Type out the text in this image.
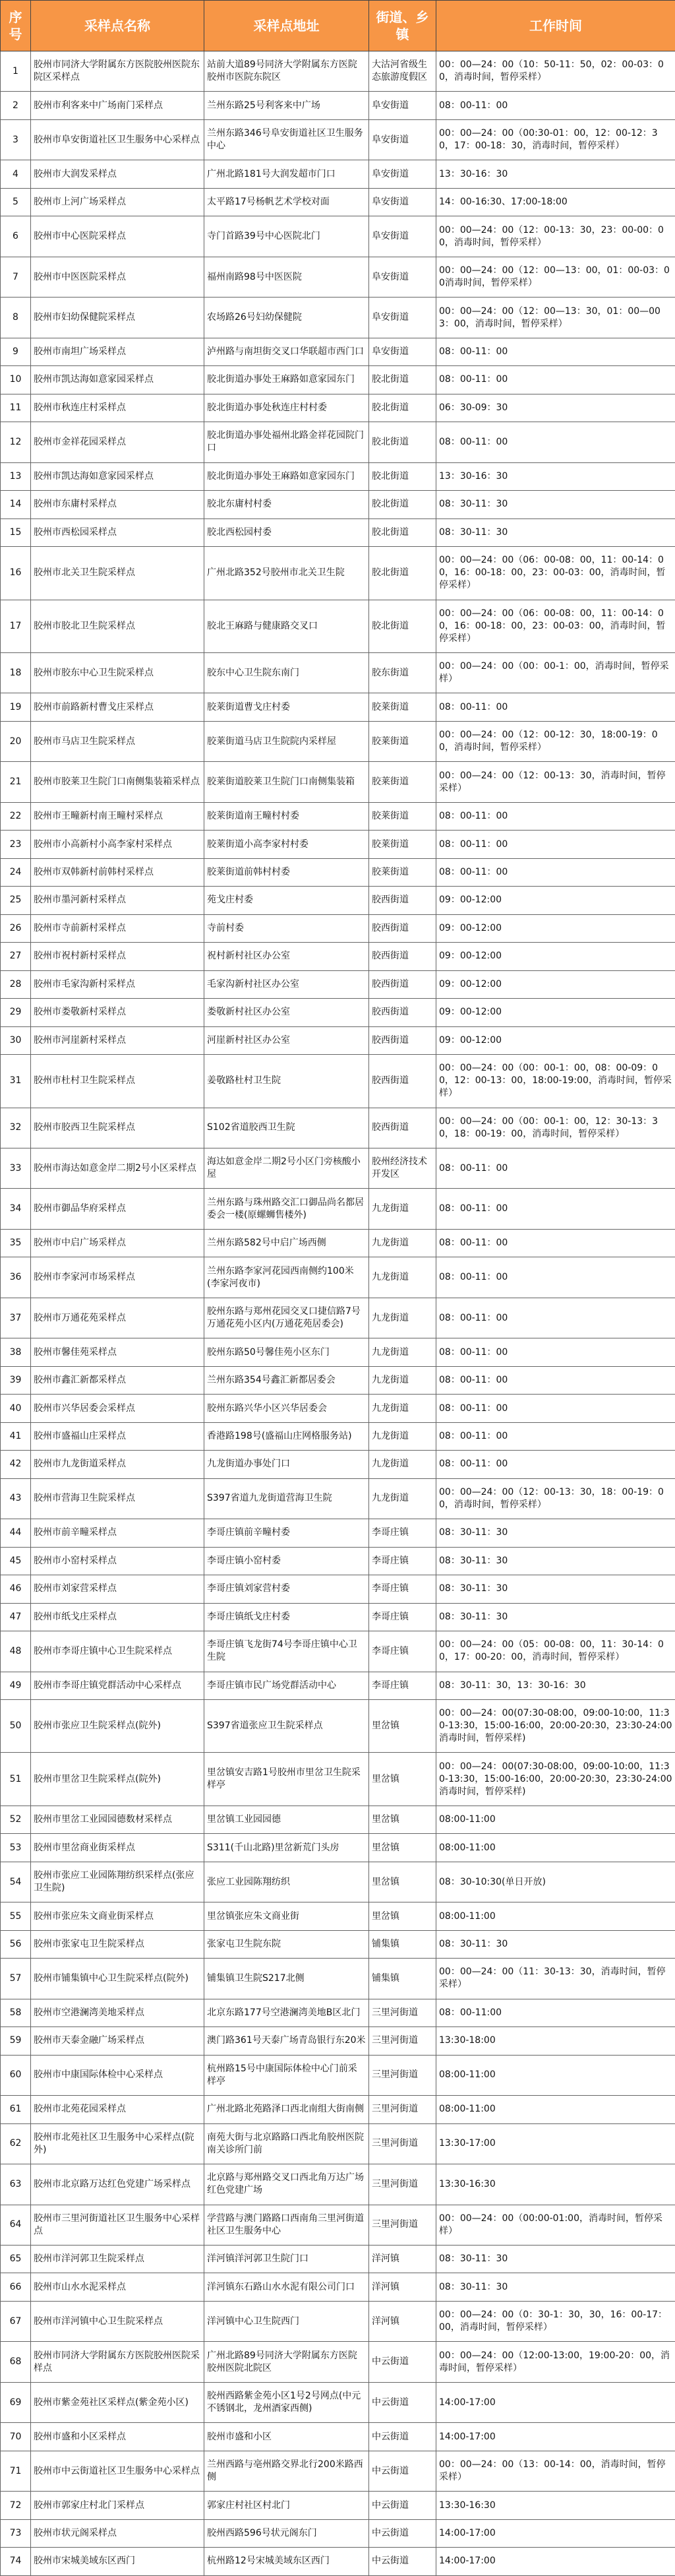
序号	采样点名称	采样点地址	街道、乡镇	工作时间
1	胶州市同济大学附属东方医院胶州医院东院区采样点	站前大道89号同济大学附属东方医院胶州市医院东院区	大沽河省级生态旅游度假区	00：00—24：00（10：50-11：50，02：00-03：00，消毒时间，暂停采样）
2	胶州市利客来中广场南门采样点	兰州东路25号利客来中广场	阜安街道	08：00-11：00
3	胶州市阜安街道社区卫生服务中心采样点	兰州东路346号阜安街道社区卫生服务中心	阜安街道	00：00—24：00（00:30-01：00，12：00-12：30，17：00-18：30，消毒时间，暂停采样）
4	胶州市大润发采样点	广州北路181号大润发超市门口	阜安街道	13：30-16：30
5	胶州市上河广场采样点	太平路17号杨帆艺术学校对面	阜安街道	14：00-16:30、17:00-18:00
6	胶州市中心医院采样点	寺门首路39号中心医院北门	阜安街道	00：00—24：00（12：00-13：30，23：00-00：00，消毒时间，暂停采样）
7	胶州市中医医院采样点	福州南路98号中医医院	阜安街道	00：00—24：00（12：00—13：00，01：00-03：00消毒时间，暂停采样）
8	胶州市妇幼保健院采样点	农场路26号妇幼保健院	阜安街道	00：00—24：00（12：00—13：30，01：00—003：00，消毒时间，暂停采样）
9	胶州市南坦广场采样点	泸州路与南坦街交叉口华联超市西门口	阜安街道	08：00-11：00
10	胶州市凯达海如意家园采样点	胶北街道办事处王麻路如意家园东门	胶北街道	08：00-11：00
11	胶州市秋连庄村采样点	胶北街道办事处秋连庄村村委	胶北街道	06：30-09：30
12	胶州市金祥花园采样点	胶北街道办事处福州北路金祥花园院门口	胶北街道	08：00-11：00
13	胶州市凯达海如意家园采样点	胶北街道办事处王麻路如意家园东门	胶北街道	13：30-16：30
14	胶州市东庸村采样点	胶北东庸村村委	胶北街道	08：30-11：30
15	胶州市西松园采样点	胶北西松园村委	胶北街道	08：30-11：30
16	胶州市北关卫生院采样点	广州北路352号胶州市北关卫生院	胶北街道	00：00—24：00（06：00-08：00，11：00-14：00，16：00-18：00，23：00-03：00，消毒时间，暂停采样）
17	胶州市胶北卫生院采样点	胶北王麻路与健康路交叉口	胶北街道	00：00—24：00（06：00-08：00，11：00-14：00，16：00-18：00，23：00-03：00，消毒时间，暂停采样）
18	胶州市胶东中心卫生院采样点	胶东中心卫生院东南门	胶东街道	00：00—24：00（00：00-1：00，消毒时间，暂停采样）
19	胶州市前路新村曹戈庄采样点	胶莱街道曹戈庄村委	胶莱街道	08：00-11：00
20	胶州市马店卫生院采样点	胶莱街道马店卫生院院内采样屋	胶莱街道	00：00—24：00（12：00-12：30，18:00-19：00，消毒时间，暂停采样）
21	胶州市胶莱卫生院门口南侧集装箱采样点	胶莱街道胶莱卫生院门口南侧集装箱	胶莱街道	00：00—24：00（12：00-13：30，消毒时间，暂停采样）
22	胶州市王疃新村南王疃村采样点	胶莱街道南王疃村村委	胶莱街道	08：00-11：00
23	胶州市小高新村小高李家村采样点	胶莱街道小高李家村村委	胶莱街道	08：00-11：00
24	胶州市双韩新村前韩村采样点	胶莱街道前韩村村委	胶莱街道	08：00-11：00
25	胶州市墨河新村采样点	苑戈庄村委	胶西街道	09：00-12:00
26	胶州市寺前新村采样点	寺前村委	胶西街道	09：00-12:00
27	胶州市祝村新村采样点	祝村新村社区办公室	胶西街道	09：00-12:00
28	胶州市毛家沟新村采样点	毛家沟新村社区办公室	胶西街道	09：00-12:00
29	胶州市娄敬新村采样点	娄敬新村社区办公室	胶西街道	09：00-12:00
30	胶州市河崖新村采样点	河崖新村社区办公室	胶西街道	09：00-12:00
31	胶州市杜村卫生院采样点	姜敬路杜村卫生院	胶西街道	00：00—24：00（00：00-1：00，08：00-09：00，12：00-13：00，18:00-19:00，消毒时间，暂停采样）
32	胶州市胶西卫生院采样点	S102省道胶西卫生院	胶西街道	00：00—24：00（00：00-1：00，12：30-13：30，18：00-19：00，消毒时间，暂停采样）
33	胶州市海达如意金岸二期2号小区采样点	海达如意金岸二期2号小区门旁核酸小屋	胶州经济技术开发区	08：00-11：00
34	胶州市御品华府采样点	兰州东路与珠州路交汇口御品尚名都居委会一楼(原螺蛳售楼外)	九龙街道	08：00-11：00
35	胶州市中启广场采样点	兰州东路582号中启广场西侧	九龙街道	08：00-11：00
36	胶州市李家河市场采样点	兰州东路李家河花园西南侧约100米(李家河夜市)	九龙街道	08：00-11：00
37	胶州市万通花苑采样点	胶州东路与郑州花园交叉口捷信路7号万通花苑小区内(万通花苑居委会)	九龙街道	08：00-11：00
38	胶州市馨佳苑采样点	胶州东路50号馨佳苑小区东门	九龙街道	08：00-11：00
39	胶州市鑫汇新都采样点	兰州东路354号鑫汇新都居委会	九龙街道	08：00-11：00
40	胶州市兴华居委会采样点	胶州东路兴华小区兴华居委会	九龙街道	08：00-11：00
41	胶州市盛福山庄采样点	香港路198号(盛福山庄网格服务站)	九龙街道	08：00-11：00
42	胶州市九龙街道采样点	九龙街道办事处门口	九龙街道	08：00-11：00
43	胶州市营海卫生院采样点	S397省道九龙街道营海卫生院	九龙街道	00：00—24：00（12：00-13：30，18：00-19：00，消毒时间，暂停采样）
44	胶州市前辛疃采样点	李哥庄镇前辛疃村委	李哥庄镇	08：30-11：30
45	胶州市小窑村采样点	李哥庄镇小窑村委	李哥庄镇	08：30-11：30
46	胶州市刘家营采样点	李哥庄镇刘家营村委	李哥庄镇	08：30-11：30
47	胶州市纸戈庄采样点	李哥庄镇纸戈庄村委	李哥庄镇	08：30-11：30
48	胶州市李哥庄镇中心卫生院采样点	李哥庄镇飞龙街74号李哥庄镇中心卫生院	李哥庄镇	00：00—24：00（05：00-08：00，11：30-14：00，17：00-20：00，消毒时间，暂停采样）
49	胶州市李哥庄镇党群活动中心采样点	李哥庄镇市民广场党群活动中心	李哥庄镇	08：30-11：30，13：30-16：30
50	胶州市张应卫生院采样点(院外)	S397省道张应卫生院采样点	里岔镇	00：00—24：00(07:30-08:00，09:00-10:00，11:30-13:30，15:00-16:00，20:00-20:30，23:30-24:00消毒时间，暂停采样)
51	胶州市里岔卫生院采样点(院外)	里岔镇安吉路1号胶州市里岔卫生院采样亭	里岔镇	00：00—24：00(07:30-08:00，09:00-10:00，11:30-13:30，15:00-16:00，20:00-20:30，23:30-24:00消毒时间，暂停采样)
52	胶州市里岔工业园园德数材采样点	里岔镇工业园园德	里岔镇	08:00-11:00
53	胶州市里岔商业街采样点	S311(千山北路)里岔新荒门头房	里岔镇	08:00-11:00
54	胶州市张应工业园陈翔纺织采样点(张应卫生院)	张应工业园陈翔纺织	里岔镇	08：30-10:30(单日开放)
55	胶州市张应朱文商业街采样点	里岔镇张应朱文商业街	里岔镇	08:00-11:00
56	胶州市张家屯卫生院采样点	张家屯卫生院东院	铺集镇	08：30-11：30
57	胶州市铺集镇中心卫生院采样点(院外)	铺集镇卫生院S217北侧	铺集镇	00：00—24：00（11：30-13：30，消毒时间，暂停采样）
58	胶州市空港澜湾美地采样点	北京东路177号空港澜湾美地B区北门	三里河街道	08：00-11:00
59	胶州市天泰金融广场采样点	澳门路361号天泰广场青岛银行东20米	三里河街道	13:30-18:00
60	胶州市中康国际体检中心采样点	杭州路15号中康国际体检中心门前采样亭	三里河街道	08:00-11:00
61	胶州市北苑花园采样点	广州北路北苑路泽口西北南组大街南侧	三里河街道	08:00-11:00
62	胶州市北苑社区卫生服务中心采样点(院外)	南苑大街与北京路路口西北角胶州医院南关诊所门前	三里河街道	13:30-17:00
63	胶州市北京路万达红色党建广场采样点	北京路与郑州路交叉口西北角万达广场红色党建广场	三里河街道	13:30-16:30
64	胶州市三里河街道社区卫生服务中心采样点	学营路与澳门路路口西南角三里河街道社区卫生服务中心	三里河街道	00：00—24：00（00:00-01:00，消毒时间，暂停采样）
65	胶州市洋河郭卫生院采样点	洋河镇洋河郭卫生院门口	洋河镇	08：30-11：30
66	胶州市山水水泥采样点	洋河镇东石路山水水泥有限公司门口	洋河镇	08：30-11：30
67	胶州市洋河镇中心卫生院采样点	洋河镇中心卫生院西门	洋河镇	00：00—24：00（0：30-1：30，30，16：00-17：00，消毒时间，暂停采样）
68	胶州市同济大学附属东方医院胶州医院采样点	广州北路89号同济大学附属东方医院胶州医院北院区	中云街道	00：00—24：00（12:00-13:00，19:00-20：00，消毒时间，暂停采样）
69	胶州市紫金苑社区采样点(紫金苑小区)	胶州西路紫金苑小区1号2号网点(中元不锈钢北，龙州酒家西侧)	中云街道	14:00-17:00
70	胶州市盛和小区采样点	胶州市盛和小区	中云街道	14:00-17:00
71	胶州市中云街道社区卫生服务中心采样点	兰州西路与亳州路交界北行200米路西侧	中云街道	00：00—24：00（13：00-14：00，消毒时间，暂停采样）
72	胶州市郭家庄村北门采样点	郭家庄村社区村北门	中云街道	13:30-16:30
73	胶州市状元阁采样点	胶州西路596号状元阁东门	中云街道	14:00-17:00
74	胶州市宋城美域东区西门	杭州路12号宋城美域东区西门	中云街道	14:00-17:00
